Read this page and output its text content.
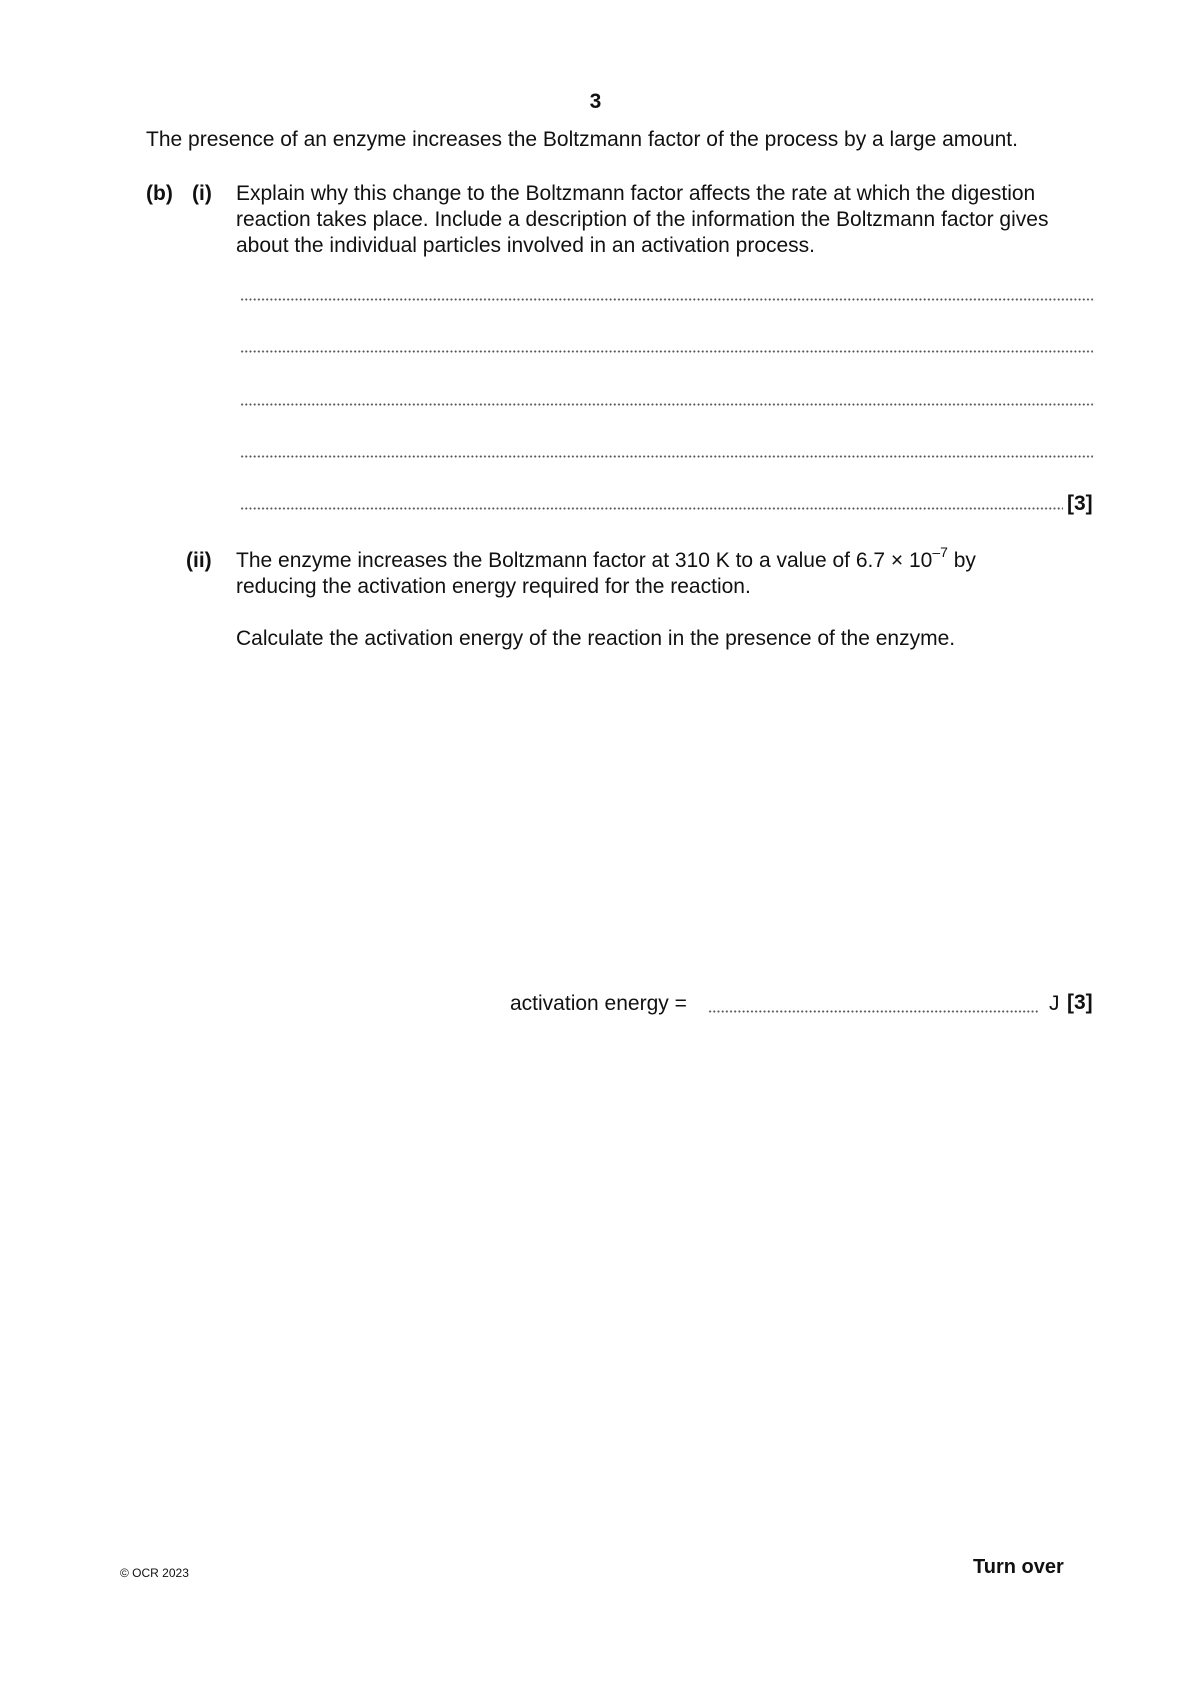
3
The presence of an enzyme increases the Boltzmann factor of the process by a large amount.
(b) (i) Explain why this change to the Boltzmann factor affects the rate at which the digestion
reaction takes place. Include a description of the information the Boltzmann factor gives
about the individual particles involved in an activation process.
[3]
(ii) The enzyme increases the Boltzmann factor at 310 K to a value of $6.7 \times 10^{-7}$ by
reducing the activation energy required for the reaction.
Calculate the activation energy of the reaction in the presence of the enzyme.
activation energy =	J [3]
© OCR 2023	Turn over
